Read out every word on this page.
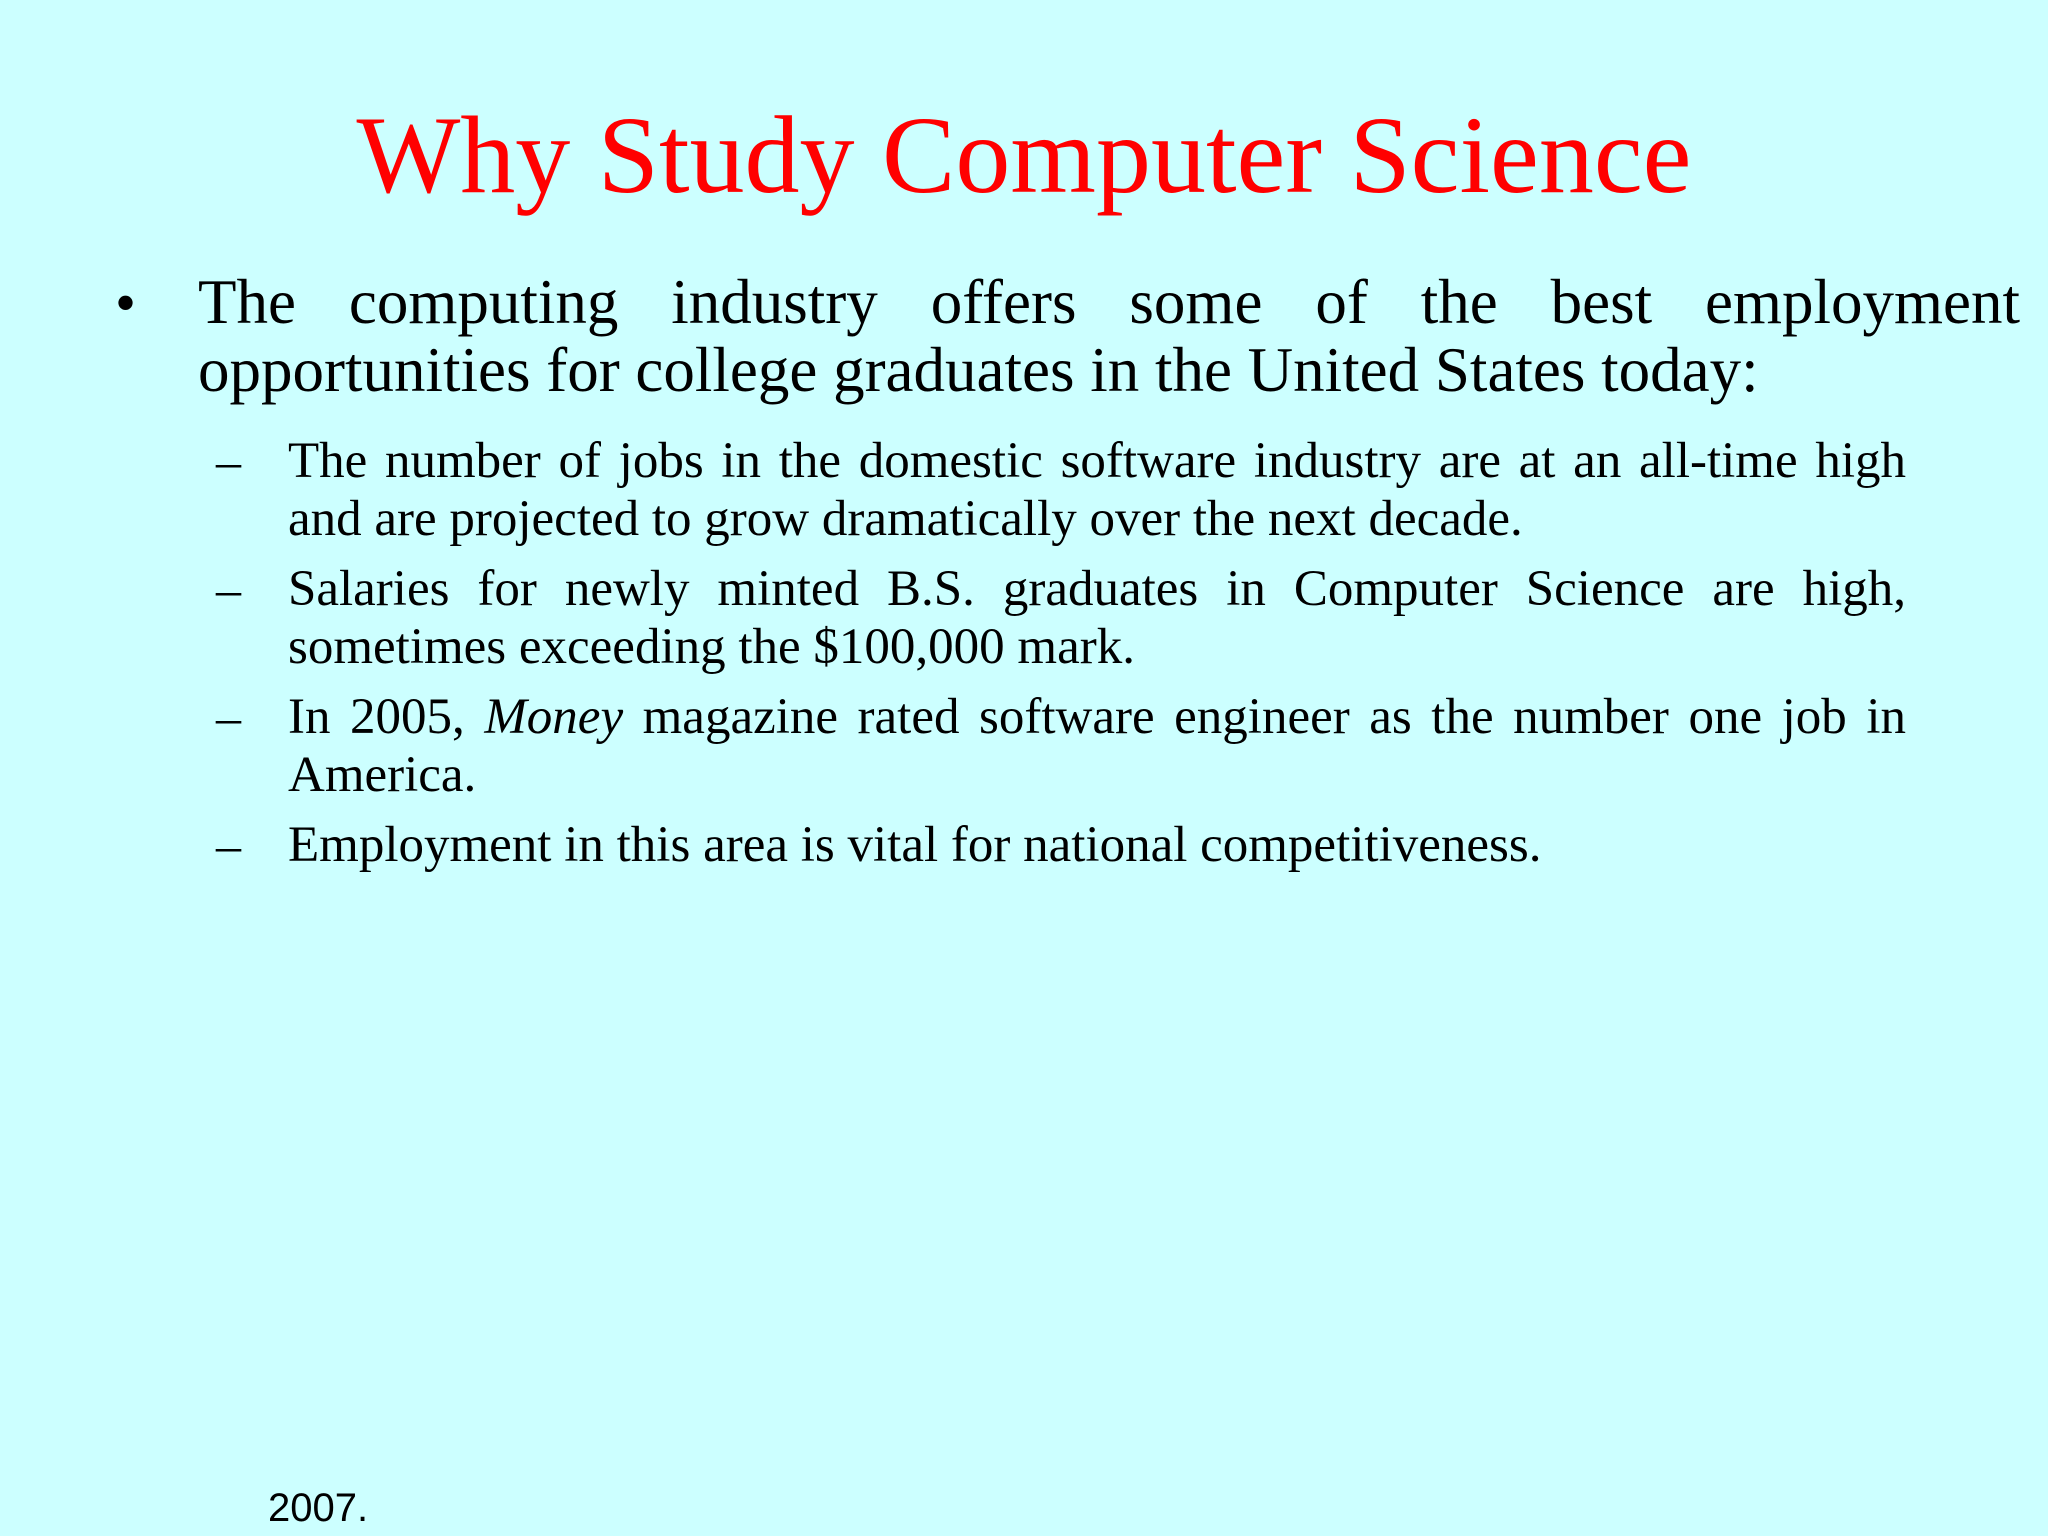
Why Study Computer Science
• The computing industry offers some of the best employment opportunities for college graduates in the United States today:
– The number of jobs in the domestic software industry are at an all-time high and are projected to grow dramatically over the next decade.
– Salaries for newly minted B.S. graduates in Computer Science are high, sometimes exceeding the $100,000 mark.
– In 2005, Money magazine rated software engineer as the number one job in America.
– Employment in this area is vital for national competitiveness.
2007.
